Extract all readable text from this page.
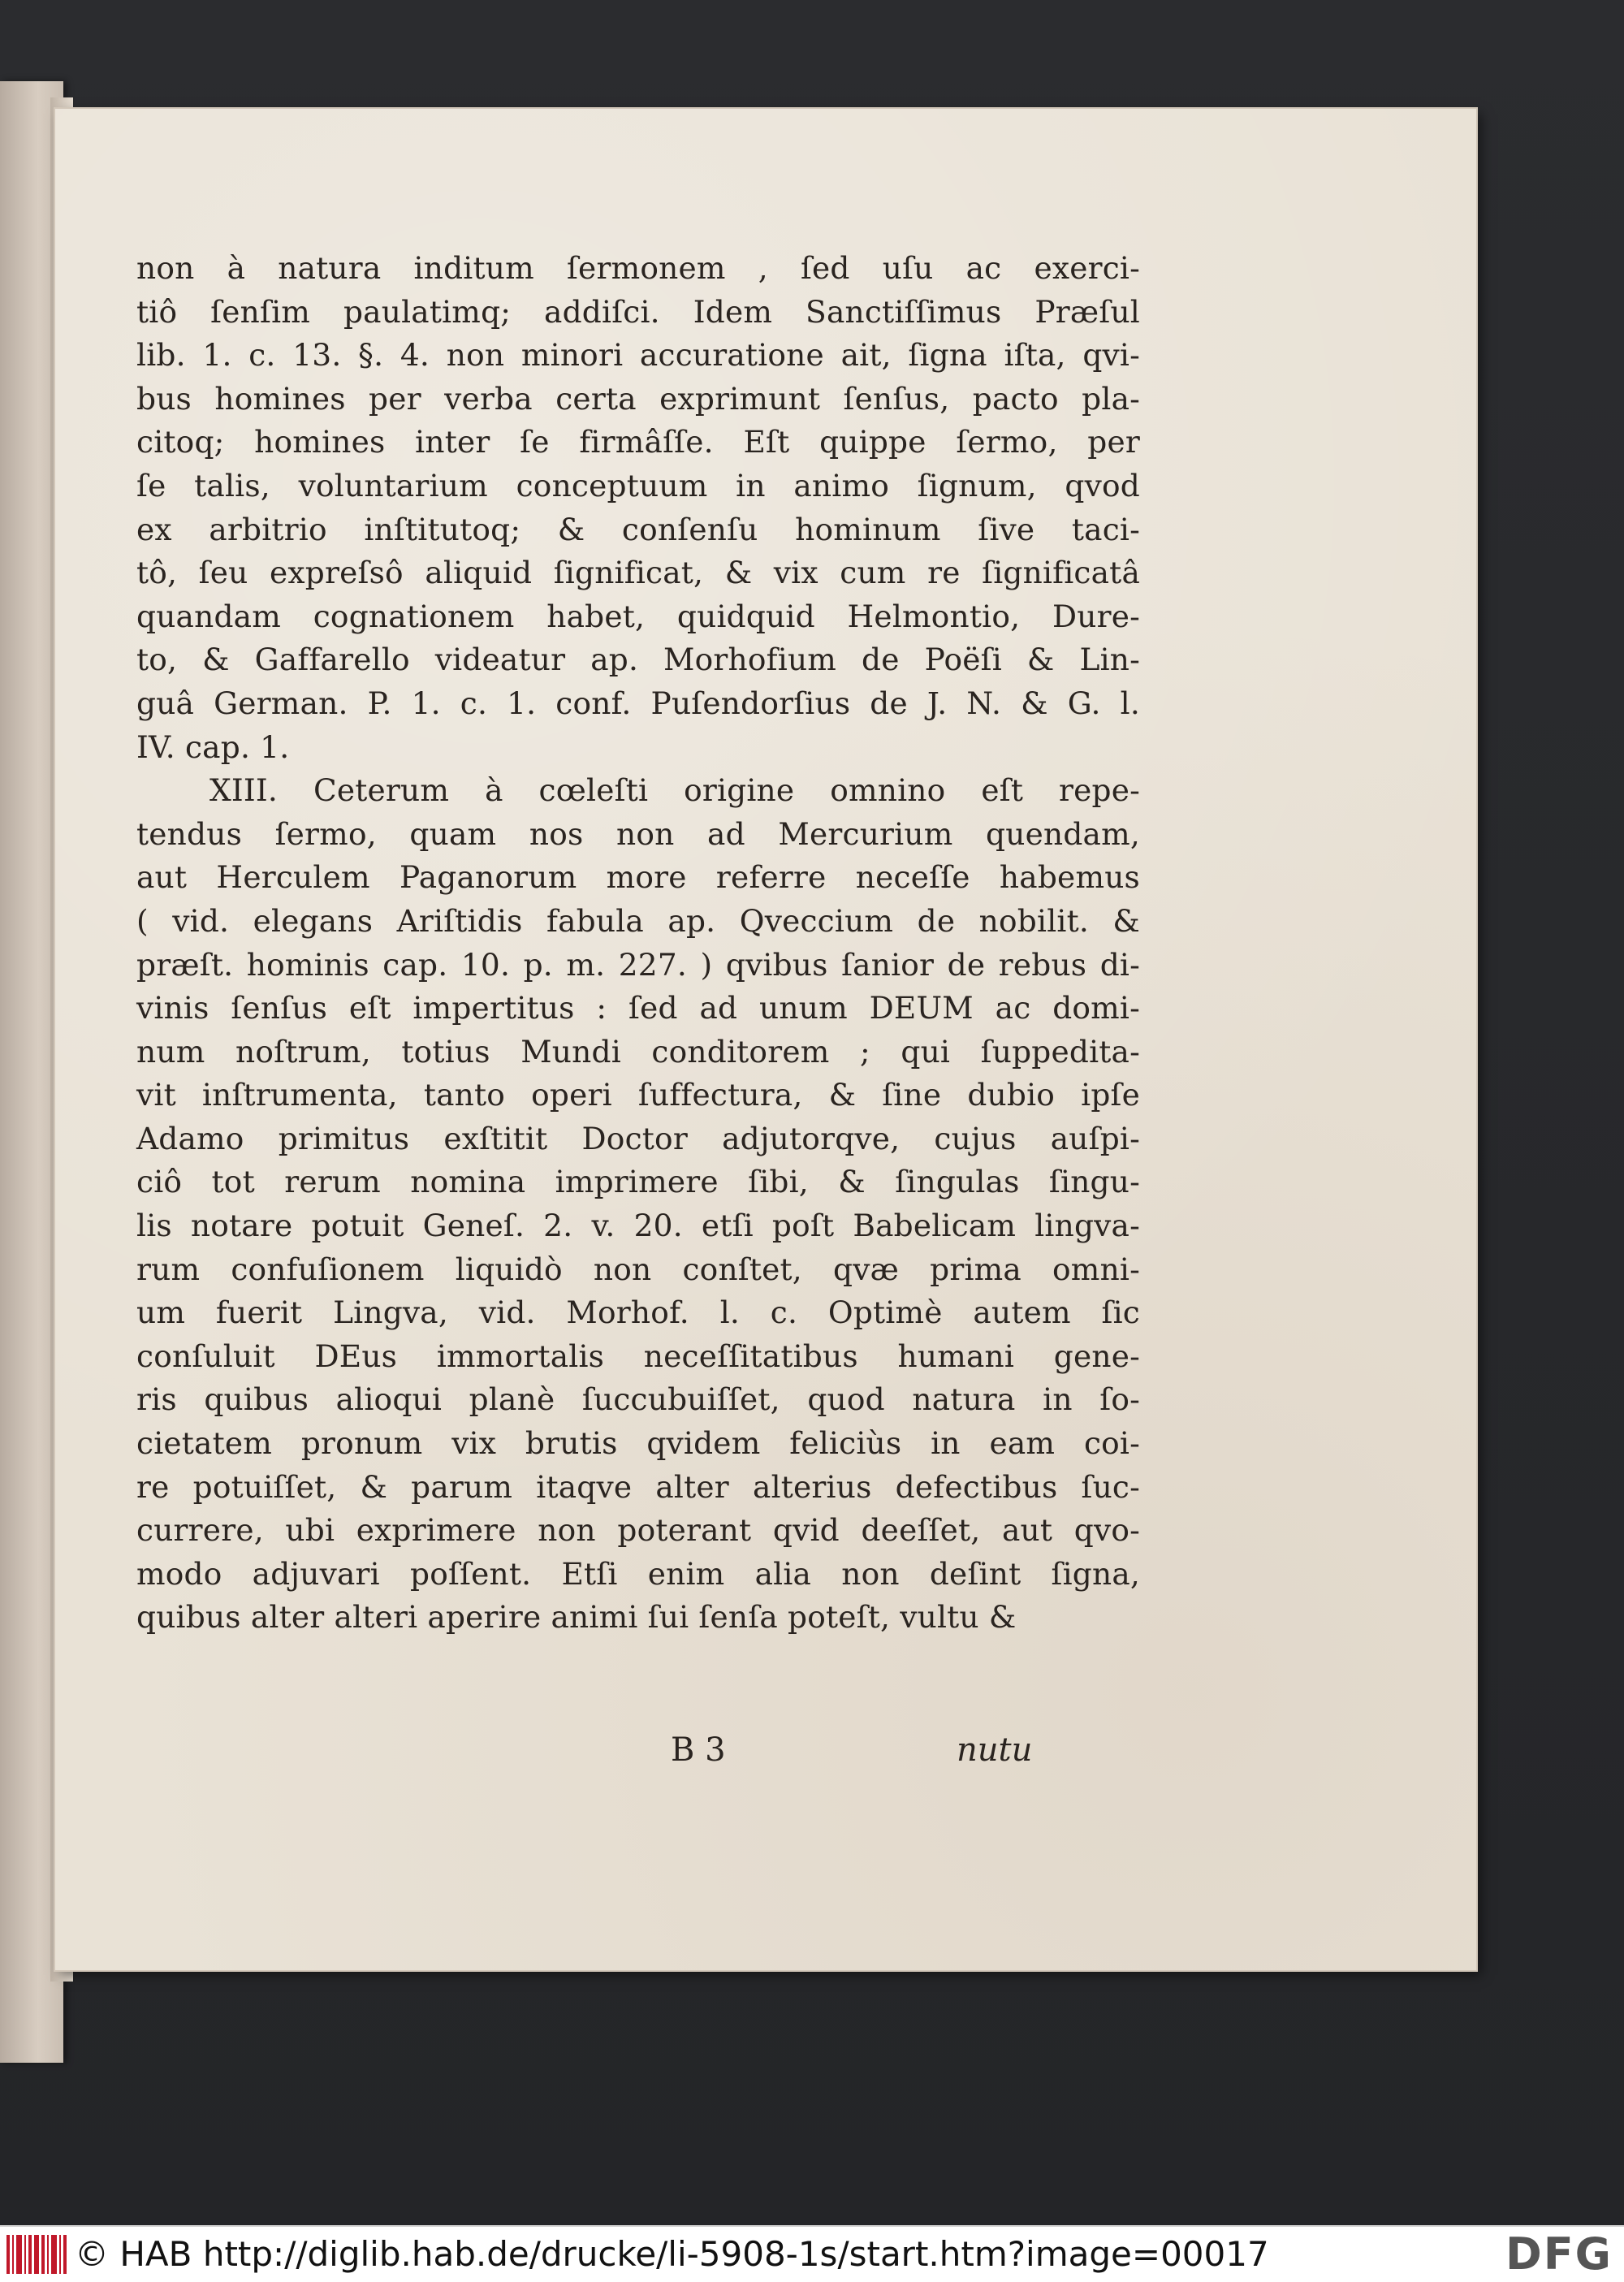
non à natura inditum ſermonem , ſed uſu ac exerci-
tiô ſenſim paulatimq; addiſci. Idem Sanctiſſimus Præſul
lib. 1. c. 13. §. 4. non minori accuratione ait, ſigna iſta, qvi-
bus homines per verba certa exprimunt ſenſus, pacto pla-
citoq; homines inter ſe firmâſſe. Eſt quippe ſermo, per
ſe talis, voluntarium conceptuum in animo ſignum, qvod
ex arbitrio inſtitutoq; & conſenſu hominum ſive taci-
tô, ſeu expreſsô aliquid ſignificat, & vix cum re ſignificatâ
quandam cognationem habet, quidquid Helmontio, Dure-
to, & Gaffarello videatur ap. Morhofium de Poëſi & Lin-
guâ German. P. 1. c. 1. conf. Puſendorſius de J. N. & G. l.
IV. cap. 1.
XIII. Ceterum à cœleſti origine omnino eſt repe-
tendus ſermo, quam nos non ad Mercurium quendam,
aut Herculem Paganorum more referre neceſſe habemus
( vid. elegans Ariſtidis fabula ap. Qveccium de nobilit. &
præſt. hominis cap. 10. p. m. 227. ) qvibus ſanior de rebus di-
vinis ſenſus eſt impertitus : ſed ad unum DEUM ac domi-
num noſtrum, totius Mundi conditorem ; qui ſuppedita-
vit inſtrumenta, tanto operi ſuffectura, & ſine dubio ipſe
Adamo primitus exſtitit Doctor adjutorqve, cujus auſpi-
ciô tot rerum nomina imprimere ſibi, & ſingulas ſingu-
lis notare potuit Geneſ. 2. v. 20. etſi poſt Babelicam lingva-
rum confuſionem liquidò non conſtet, qvæ prima omni-
um fuerit Lingva, vid. Morhof. l. c. Optimè autem ſic
conſuluit DEus immortalis neceſſitatibus humani gene-
ris quibus alioqui planè ſuccubuiſſet, quod natura in ſo-
cietatem pronum vix brutis qvidem feliciùs in eam coi-
re potuiſſet, & parum itaqve alter alterius defectibus ſuc-
currere, ubi exprimere non poterant qvid deeſſet, aut qvo-
modo adjuvari poſſent. Etſi enim alia non deſint ſigna,
quibus alter alteri aperire animi ſui ſenſa poteſt, vultu &
B 3	nutu
© HAB http://diglib.hab.de/drucke/li-5908-1s/start.htm?image=00017	DFG
